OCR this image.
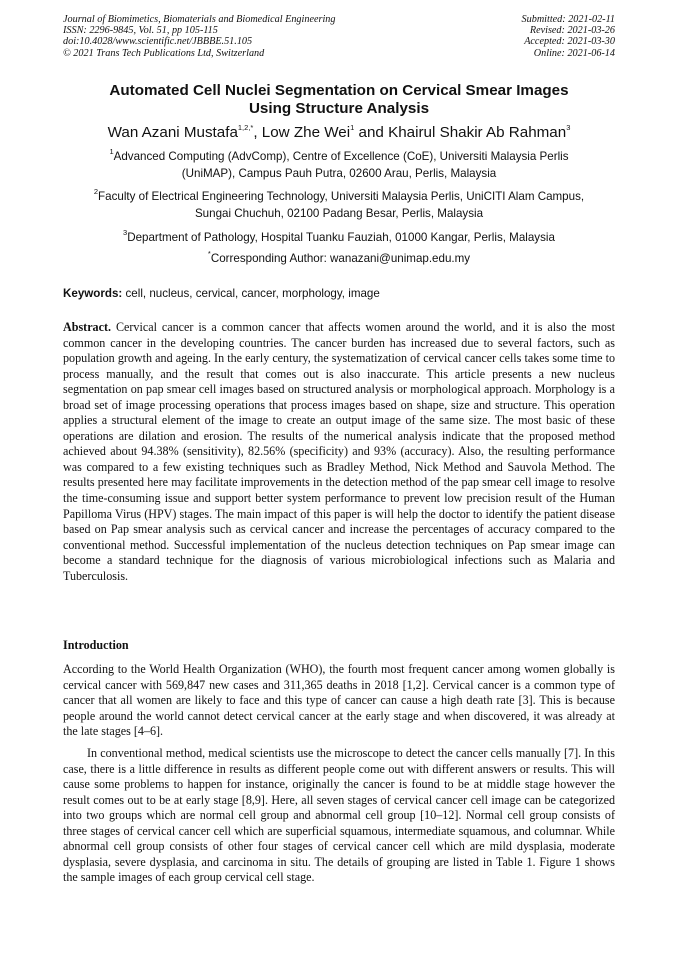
Journal of Biomimetics, Biomaterials and Biomedical Engineering
ISSN: 2296-9845, Vol. 51, pp 105-115
doi:10.4028/www.scientific.net/JBBBE.51.105
© 2021 Trans Tech Publications Ltd, Switzerland
Submitted: 2021-02-11
Revised: 2021-03-26
Accepted: 2021-03-30
Online: 2021-06-14
Automated Cell Nuclei Segmentation on Cervical Smear Images
Using Structure Analysis
Wan Azani Mustafa$^{1,2,*}$, Low Zhe Wei$^1$ and Khairul Shakir Ab Rahman$^3$
$^1$Advanced Computing (AdvComp), Centre of Excellence (CoE), Universiti Malaysia Perlis
(UniMAP), Campus Pauh Putra, 02600 Arau, Perlis, Malaysia
$^2$Faculty of Electrical Engineering Technology, Universiti Malaysia Perlis, UniCITI Alam Campus,
Sungai Chuchuh, 02100 Padang Besar, Perlis, Malaysia
$^3$Department of Pathology, Hospital Tuanku Fauziah, 01000 Kangar, Perlis, Malaysia
*Corresponding Author: wanazani@unimap.edu.my
Keywords: cell, nucleus, cervical, cancer, morphology, image

Abstract. Cervical cancer is a common cancer that affects women around the world, and it is also the most common cancer in the developing countries. The cancer burden has increased due to several factors, such as population growth and ageing. In the early century, the systematization of cervical cancer cells takes some time to process manually, and the result that comes out is also inaccurate. This article presents a new nucleus segmentation on pap smear cell images based on structured analysis or morphological approach. Morphology is a broad set of image processing operations that process images based on shape, size and structure. This operation applies a structural element of the image to create an output image of the same size. The most basic of these operations are dilation and erosion. The results of the numerical analysis indicate that the proposed method achieved about 94.38% (sensitivity), 82.56% (specificity) and 93% (accuracy). Also, the resulting performance was compared to a few existing techniques such as Bradley Method, Nick Method and Sauvola Method. The results presented here may facilitate improvements in the detection method of the pap smear cell image to resolve the time-consuming issue and support better system performance to prevent low precision result of the Human Papilloma Virus (HPV) stages. The main impact of this paper is will help the doctor to identify the patient disease based on Pap smear analysis such as cervical cancer and increase the percentages of accuracy compared to the conventional method. Successful implementation of the nucleus detection techniques on Pap smear image can become a standard technique for the diagnosis of various microbiological infections such as Malaria and Tuberculosis.

Introduction

According to the World Health Organization (WHO), the fourth most frequent cancer among women globally is cervical cancer with 569,847 new cases and 311,365 deaths in 2018 [1,2]. Cervical cancer is a common type of cancer that all women are likely to face and this type of cancer can cause a high death rate [3]. This is because people around the world cannot detect cervical cancer at the early stage and when discovered, it was already at the late stages [4–6].

In conventional method, medical scientists use the microscope to detect the cancer cells manually [7]. In this case, there is a little difference in results as different people come out with different answers or results. This will cause some problems to happen for instance, originally the cancer is found to be at middle stage however the result comes out to be at early stage [8,9]. Here, all seven stages of cervical cancer cell image can be categorized into two groups which are normal cell group and abnormal cell group [10–12]. Normal cell group consists of three stages of cervical cancer cell which are superficial squamous, intermediate squamous, and columnar. While abnormal cell group consists of other four stages of cervical cancer cell which are mild dysplasia, moderate dysplasia, severe dysplasia, and carcinoma in situ. The details of grouping are listed in Table 1. Figure 1 shows the sample images of each group cervical cell stage.
